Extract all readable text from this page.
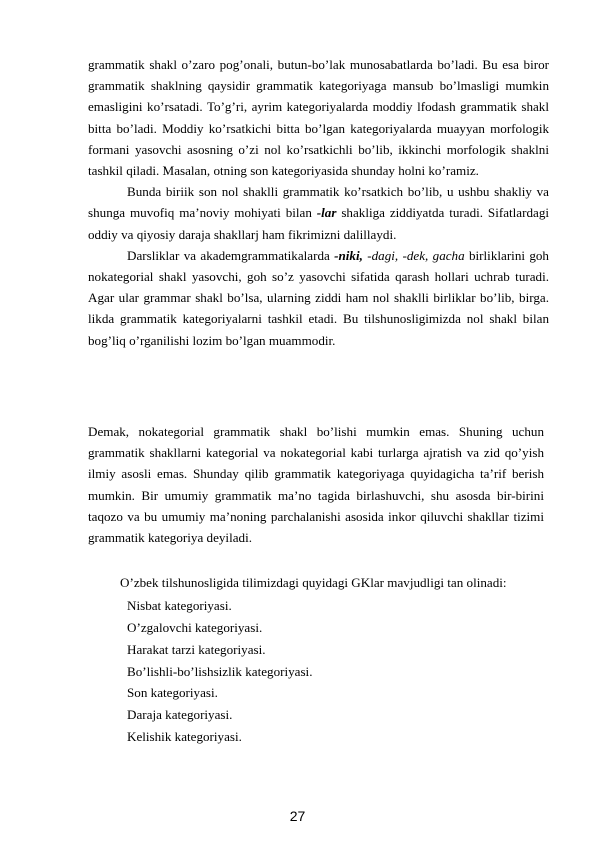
grammatik shakl o’zaro pog’onali, butun-bo’lak munosabatlarda bo’ladi. Bu esa biror grammatik shaklning qaysidir grammatik kategoriyaga mansub bo’lmasligi mumkin emasligini ko’rsatadi. To’g’ri, ayrim kategoriyalarda moddiy lfodash grammatik shakl bitta bo’ladi. Moddiy ko’rsatkichi bitta bo’lgan kategoriyalarda muayyan morfologik formani yasovchi asosning o’zi nol ko’rsatkichli bo’lib, ikkinchi morfologik shaklni tashkil qiladi. Masalan, otning son kategoriyasida shunday holni ko’ramiz.

Bunda biriik son nol shaklli grammatik ko’rsatkich bo’lib, u ushbu shakliy va shunga muvofiq ma’noviy mohiyati bilan -lar shakliga ziddiyatda turadi. Sifatlardagi oddiy va qiyosiy daraja shakllarj ham fikrimizni dalillaydi.

Darsliklar va akademgrammatikalarda -niki, -dagi, -dek, gacha birliklarini goh nokategorial shakl yasovchi, goh so’z yasovchi sifatida qarash hollari uchrab turadi. Agar ular grammar shakl bo’lsa, ularning ziddi ham nol shaklli birliklar bo’lib, birga. likda grammatik kategoriyalarni tashkil etadi. Bu tilshunosligimizda nol shakl bilan bog’liq o’rganilishi lozim bo’lgan muammodir.

Demak, nokategorial grammatik shakl bo’lishi mumkin emas. Shuning uchun grammatik shakllarni kategorial va nokategorial kabi turlarga ajratish va zid qo’yish ilmiy asosli emas. Shunday qilib grammatik kategoriyaga quyidagicha ta’rif berish mumkin. Bir umumiy grammatik ma’no tagida birlashuvchi, shu asosda bir-birini taqozo va bu umumiy ma’noning parchalanishi asosida inkor qiluvchi shakllar tizimi grammatik kategoriya deyiladi.

O’zbek tilshunosligida tilimizdagi quyidagi GKlar mavjudligi tan olinadi:

Nisbat kategoriyasi.

O’zgalovchi kategoriyasi.

Harakat tarzi kategoriyasi.

Bo’lishli-bo’lishsizlik kategoriyasi.

Son kategoriyasi.

Daraja kategoriyasi.

Kelishik kategoriyasi.

27
